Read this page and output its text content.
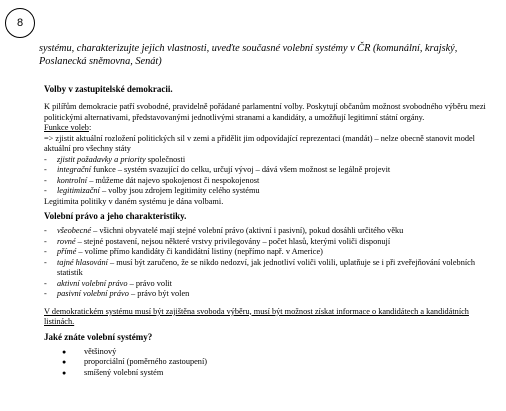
8
systému, charakterizujte jejich vlastnosti, uveďte současné volební systémy v ČR (komunální, krajský, Poslanecká sněmovna, Senát)
Volby v zastupitelské demokracii.
K pilířům demokracie patří svobodné, pravidelně pořádané parlamentní volby. Poskytují občanům možnost svobodného výběru mezi politickými alternativami, představovanými jednotlivými stranami a kandidáty, a umožňují legitimní státní orgány.
Funkce voleb:
=> zjistit aktuální rozložení politických sil v zemi a přidělit jim odpovídající reprezentaci (mandát) – nelze obecně stanovit model aktuální pro všechny státy
-	zjistit požadavky a priority společnosti
-	integrační funkce – systém svazující do celku, určují vývoj – dává všem možnost se legálně projevit
-	kontrolní – můžeme dát najevo spokojenost či nespokojenost
-	legitimizační – volby jsou zdrojem legitimity celého systému
Legitimita politiky v daném systému je dána volbami.
Volební právo a jeho charakteristiky.
-	všeobecné – všichni obyvatelé mají stejné volební právo (aktivní i pasivní), pokud dosáhli určitého věku
-	rovné – stejné postavení, nejsou některé vrstvy privilegovány – počet hlasů, kterými voliči disponují
-	přímé – volíme přímo kandidáty či kandidátní listiny (nepřímo např. v Americe)
-	tajné hlasování – musí být zaručeno, že se nikdo nedozví, jak jednotliví voliči volili, uplatňuje se i při zveřejňování volebních statistik
-	aktivní volební právo – právo volit
-	pasivní volební právo – právo být volen
V demokratickém systému musí být zajištěna svoboda výběru, musí být možnost získat informace o kandidátech a kandidátních listinách.
Jaké znáte volební systémy?
●	většinový
●	proporciální (poměrného zastoupení)
●	smíšený volební systém
